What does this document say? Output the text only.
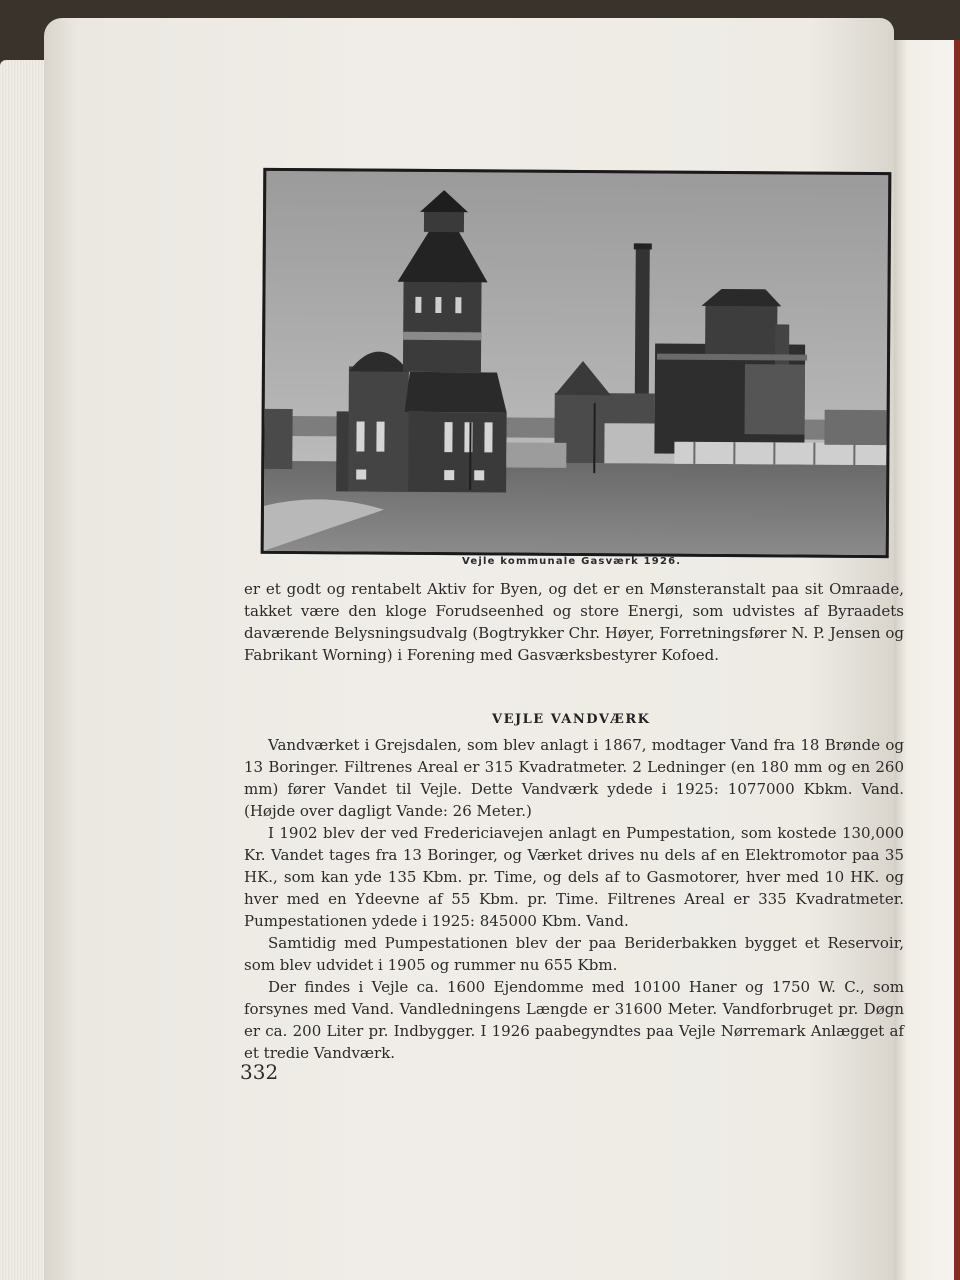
Vejle kommunale Gasværk 1926.

er et godt og rentabelt Aktiv for Byen, og det er en Mønsteranstalt paa sit Omraade, takket være den kloge Forudseenhed og store Energi, som udvistes af Byraadets daværende Belysningsudvalg (Bogtrykker Chr. Høyer, Forretningsfører N. P. Jensen og Fabrikant Worning) i Forening med Gasværksbestyrer Kofoed.

VEJLE VANDVÆRK

Vandværket i Grejsdalen, som blev anlagt i 1867, modtager Vand fra 18 Brønde og 13 Boringer. Filtrenes Areal er 315 Kvadratmeter. 2 Ledninger (en 180 mm og en 260 mm) fører Vandet til Vejle. Dette Vandværk ydede i 1925: 1077000 Kbkm. Vand. (Højde over dagligt Vande: 26 Meter.)

I 1902 blev der ved Fredericiavejen anlagt en Pumpestation, som kostede 130,000 Kr. Vandet tages fra 13 Boringer, og Værket drives nu dels af en Elektromotor paa 35 HK., som kan yde 135 Kbm. pr. Time, og dels af to Gasmotorer, hver med 10 HK. og hver med en Ydeevne af 55 Kbm. pr. Time. Filtrenes Areal er 335 Kvadratmeter. Pumpestationen ydede i 1925: 845000 Kbm. Vand.

Samtidig med Pumpestationen blev der paa Beriderbakken bygget et Reservoir, som blev udvidet i 1905 og rummer nu 655 Kbm.

Der findes i Vejle ca. 1600 Ejendomme med 10100 Haner og 1750 W. C., som forsynes med Vand. Vandledningens Længde er 31600 Meter. Vandforbruget pr. Døgn er ca. 200 Liter pr. Indbygger. I 1926 paabegyndtes paa Vejle Nørremark Anlægget af et tredie Vandværk.

332
